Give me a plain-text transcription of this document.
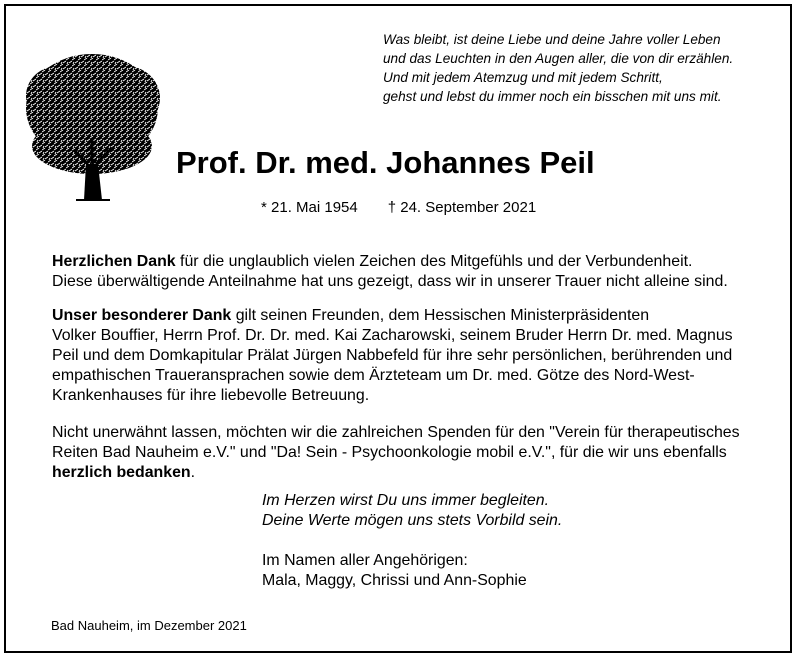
Was bleibt, ist deine Liebe und deine Jahre voller Leben
und das Leuchten in den Augen aller, die von dir erzählen.
Und mit jedem Atemzug und mit jedem Schritt,
gehst und lebst du immer noch ein bisschen mit uns mit.
Prof. Dr. med. Johannes Peil
* 21. Mai 1954 † 24. September 2021
Herzlichen Dank für die unglaublich vielen Zeichen des Mitgefühls und der Verbundenheit.
Diese überwältigende Anteilnahme hat uns gezeigt, dass wir in unserer Trauer nicht alleine sind.
Unser besonderer Dank gilt seinen Freunden, dem Hessischen Ministerpräsidenten
Volker Bouffier, Herrn Prof. Dr. Dr. med. Kai Zacharowski, seinem Bruder Herrn Dr. med. Magnus
Peil und dem Domkapitular Prälat Jürgen Nabbefeld für ihre sehr persönlichen, berührenden und
empathischen Traueransprachen sowie dem Ärzteteam um Dr. med. Götze des Nord-West-
Krankenhauses für ihre liebevolle Betreuung.
Nicht unerwähnt lassen, möchten wir die zahlreichen Spenden für den "Verein für therapeutisches
Reiten Bad Nauheim e.V." und "Da! Sein - Psychoonkologie mobil e.V.", für die wir uns ebenfalls
herzlich bedanken.
Im Herzen wirst Du uns immer begleiten.
Deine Werte mögen uns stets Vorbild sein.
Im Namen aller Angehörigen:
Mala, Maggy, Chrissi und Ann-Sophie
Bad Nauheim, im Dezember 2021
